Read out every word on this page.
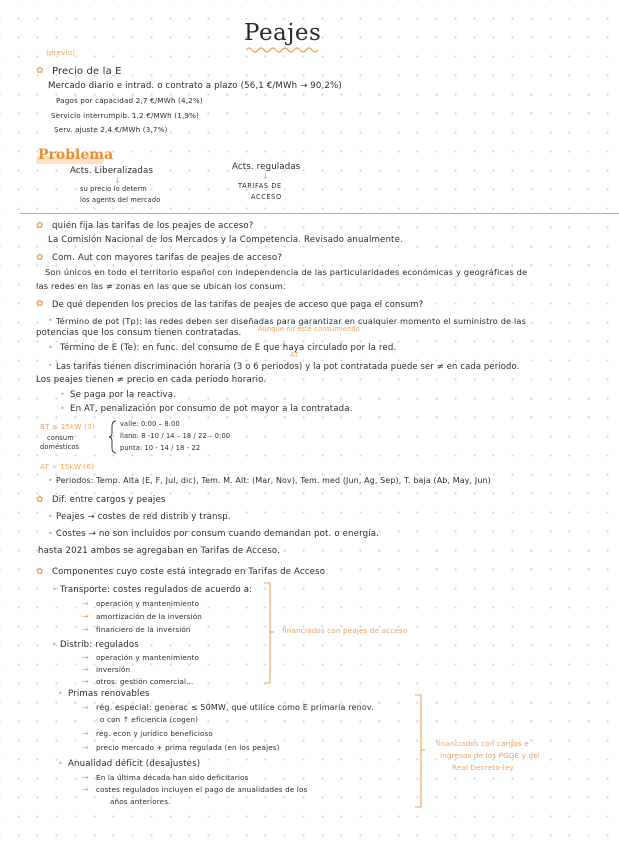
Peajes
(previo)
✿ Precio de la E
Mercado diario e intrad. o contrato a plazo (56,1 €/MWh → 90,2%)
Pagos por capacidad 2,7 €/MWh (4,2%)
Servicio interrumpib. 1,2 €/MWh (1,9%)
Serv. ajuste 2,4 €/MWh (3,7%)
Problema
Acts. Liberalizadas
↓
su precio lo determ
los agents del mercado
Acts. reguladas
↓
TARIFAS DE
ACCESO
✿ quién fija las tarifas de los peajes de acceso?
La Comisión Nacional de los Mercados y la Competencia. Revisado anualmente.
✿ Com. Aut con mayores tarifas de peajes de acceso?
Son únicos en todo el territorio español con independencia de las particularidades económicas y geográficas de
las redes en las ≠ zonas en las que se ubican los consum.
✿ De qué dependen los precios de las tarifas de peajes de acceso que paga el consum?
• Término de pot (Tp): las redes deben ser diseñadas para garantizar en cualquier momento el suministro de las
potencias que los consum tienen contratadas.	Aunque no esté consumiendo
• Término de E (Te): en func. del consumo de E que haya circulado por la red.
AT
• Las tarifas tienen discriminación horaria (3 o 6 periodos) y la pot contratada puede ser ≠ en cada periodo.
Los peajes tienen ≠ precio en cada periodo horario.
• Se paga por la reactiva.
• En AT, penalización por consumo de pot mayor a la contratada.
BT ≤ 15kW (3)
consum
domésticos
valle: 0:00 – 8:00
llano: 8 -10 / 14 – 18 / 22 – 0:00
punta: 10 - 14 / 18 - 22
AT > 15kW (6)
• Periodos: Temp. Alta (E, F, Jul, dic), Tem. M. Alt: (Mar, Nov), Tem. med (Jun, Ag, Sep), T. baja (Ab, May, Jun)
✿ Dif. entre cargos y peajes
• Peajes → costes de red distrib y transp.
• Costes → no son incluidos por consum cuando demandan pot. o energía.
hasta 2021 ambos se agregaban en Tarifas de Acceso.
✿ Componentes cuyo coste está integrado en Tarifas de Acceso
• Transporte: costes regulados de acuerdo a:
→ operación y mantenimiento
→ amortización de la inversión
→ financiero de la inversión
• Distrib: regulados
→ operación y mantenimiento
→ inversión
→ otros: gestión comercial...
financiados con peajes de acceso
• Primas renovables
→ rég. especial: generac ≤ 50MW, que utilice como E primaria renov.
o con ↑ eficiencia (cogen)
→ rég. econ y jurídico beneficioso
→ precio mercado + prima regulada (en los peajes)
• Anualidad déficit (desajustes)
→ En la última década han sido deficitarios
→ costes regulados incluyen el pago de anualidades de los
años anteriores.
financiados con cargos e
ingresos de los PGGE y del
Real Decreto-ley
